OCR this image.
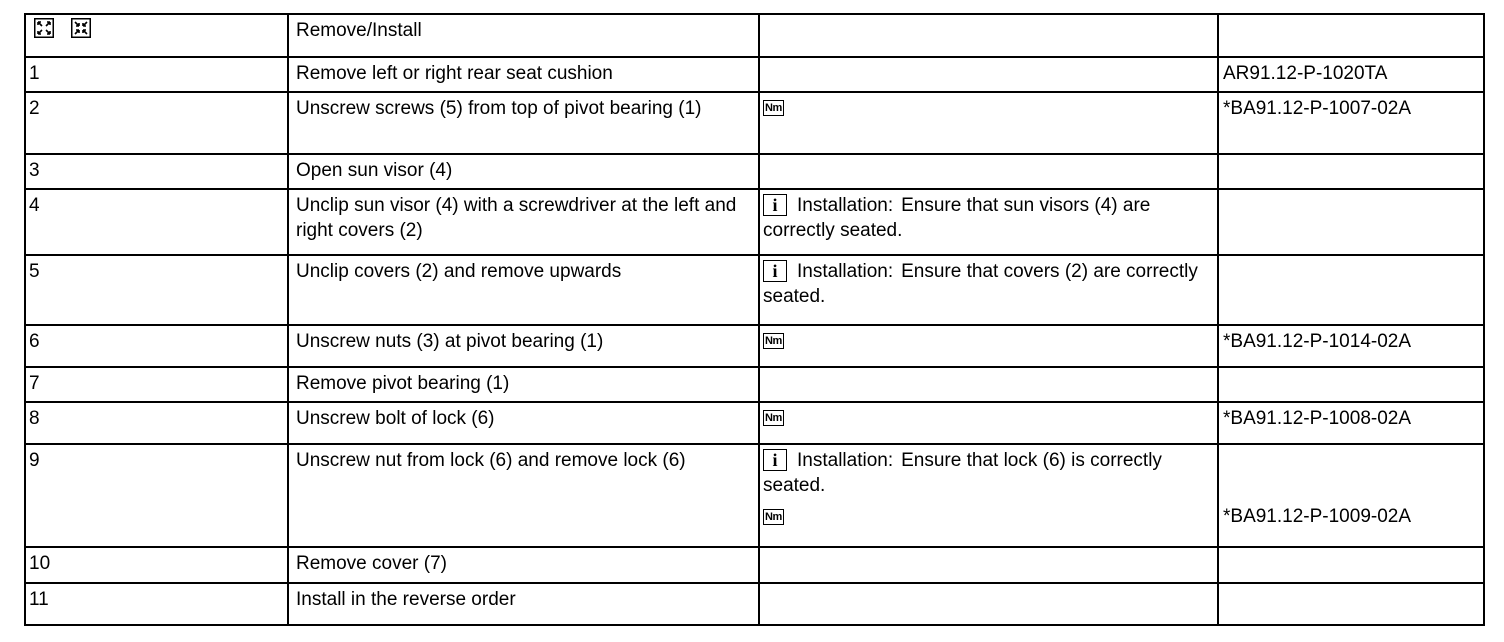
Remove/Install		

1	Remove left or right rear seat cushion		AR91.12-P-1020TA

2	Unscrew screws (5) from top of pivot bearing (1)	Nm	*BA91.12-P-1007-02A

3	Open sun visor (4)		

4	Unclip sun visor (4) with a screwdriver at the left and right covers (2)	i Installation: Ensure that sun visors (4) are correctly seated.	

5	Unclip covers (2) and remove upwards	i Installation: Ensure that covers (2) are correctly seated.	

6	Unscrew nuts (3) at pivot bearing (1)	Nm	*BA91.12-P-1014-02A

7	Remove pivot bearing (1)		

8	Unscrew bolt of lock (6)	Nm	*BA91.12-P-1008-02A

9	Unscrew nut from lock (6) and remove lock (6)	i Installation: Ensure that lock (6) is correctly seated.
Nm	*BA91.12-P-1009-02A

10	Remove cover (7)		

11	Install in the reverse order		
